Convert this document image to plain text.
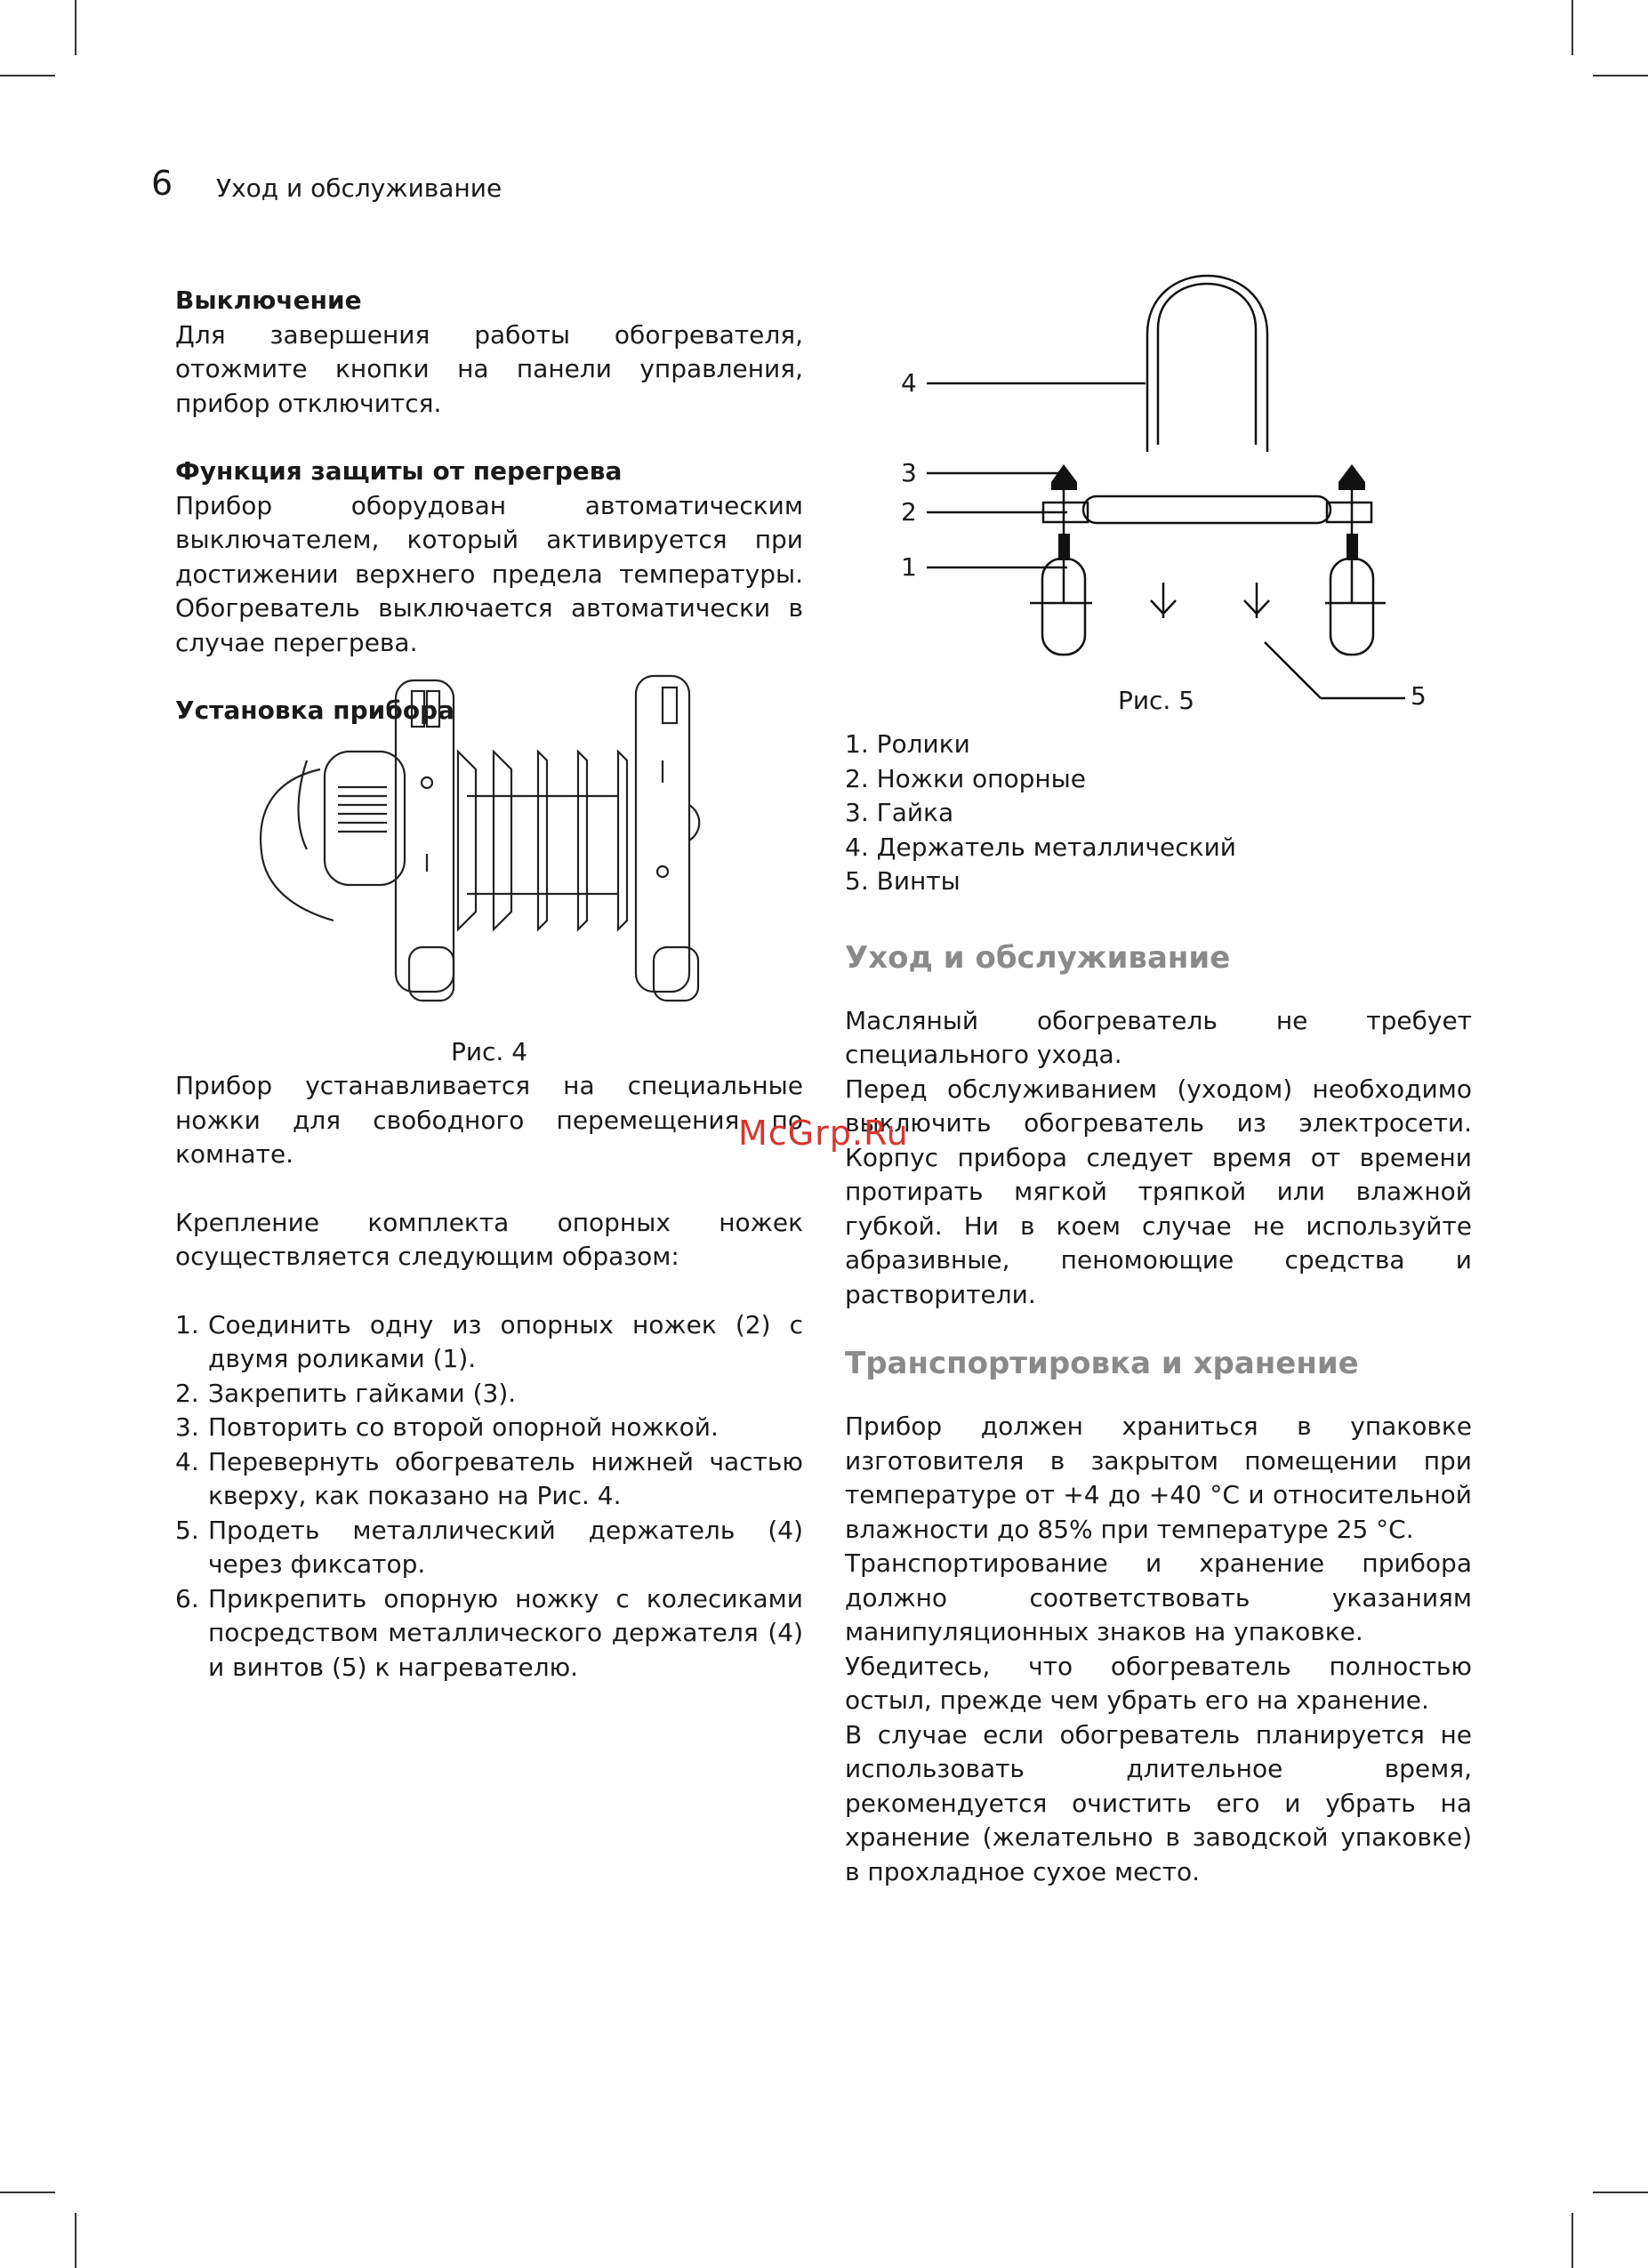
6 Уход и обслуживание

Выключение

Для завершения работы обогревателя, отожмите кнопки на панели управления, прибор отключится.

Функция защиты от перегрева

Прибор оборудован автоматическим выключателем, который активируется при достижении верхнего предела температуры. Обогреватель выключается автоматически в случае перегрева.

Установка прибора

Рис. 4

Прибор устанавливается на специальные ножки для свободного перемещения по комнате.

Крепление комплекта опорных ножек осуществляется следующим образом:

1. Соединить одну из опорных ножек (2) с двумя роликами (1).
2. Закрепить гайками (3).
3. Повторить со второй опорной ножкой.
4. Перевернуть обогреватель нижней частью кверху, как показано на Рис. 4.
5. Продеть металлический держатель (4) через фиксатор.
6. Прикрепить опорную ножку с колесиками посредством металлического держателя (4) и винтов (5) к нагревателю.
4
3
2
1
5
Рис. 5
1. Ролики
2. Ножки опорные
3. Гайка
4. Держатель металлический
5. Винты

Уход и обслуживание

Масляный обогреватель не требует специального ухода.

Перед обслуживанием (уходом) необходимо выключить обогреватель из электросети. Корпус прибора следует время от времени протирать мягкой тряпкой или влажной губкой. Ни в коем случае не используйте абразивные, пеномоющие средства и растворители.

Транспортировка и хранение

Прибор должен храниться в упаковке изготовителя в закрытом помещении при температуре от +4 до +40 °С и относительной влажности до 85% при температуре 25 °С.

Транспортирование и хранение прибора должно соответствовать указаниям манипуляционных знаков на упаковке.

Убедитесь, что обогреватель полностью остыл, прежде чем убрать его на хранение.

В случае если обогреватель планируется не использовать длительное время, рекомендуется очистить его и убрать на хранение (желательно в заводской упаковке) в прохладное сухое место.

McGrp.Ru
